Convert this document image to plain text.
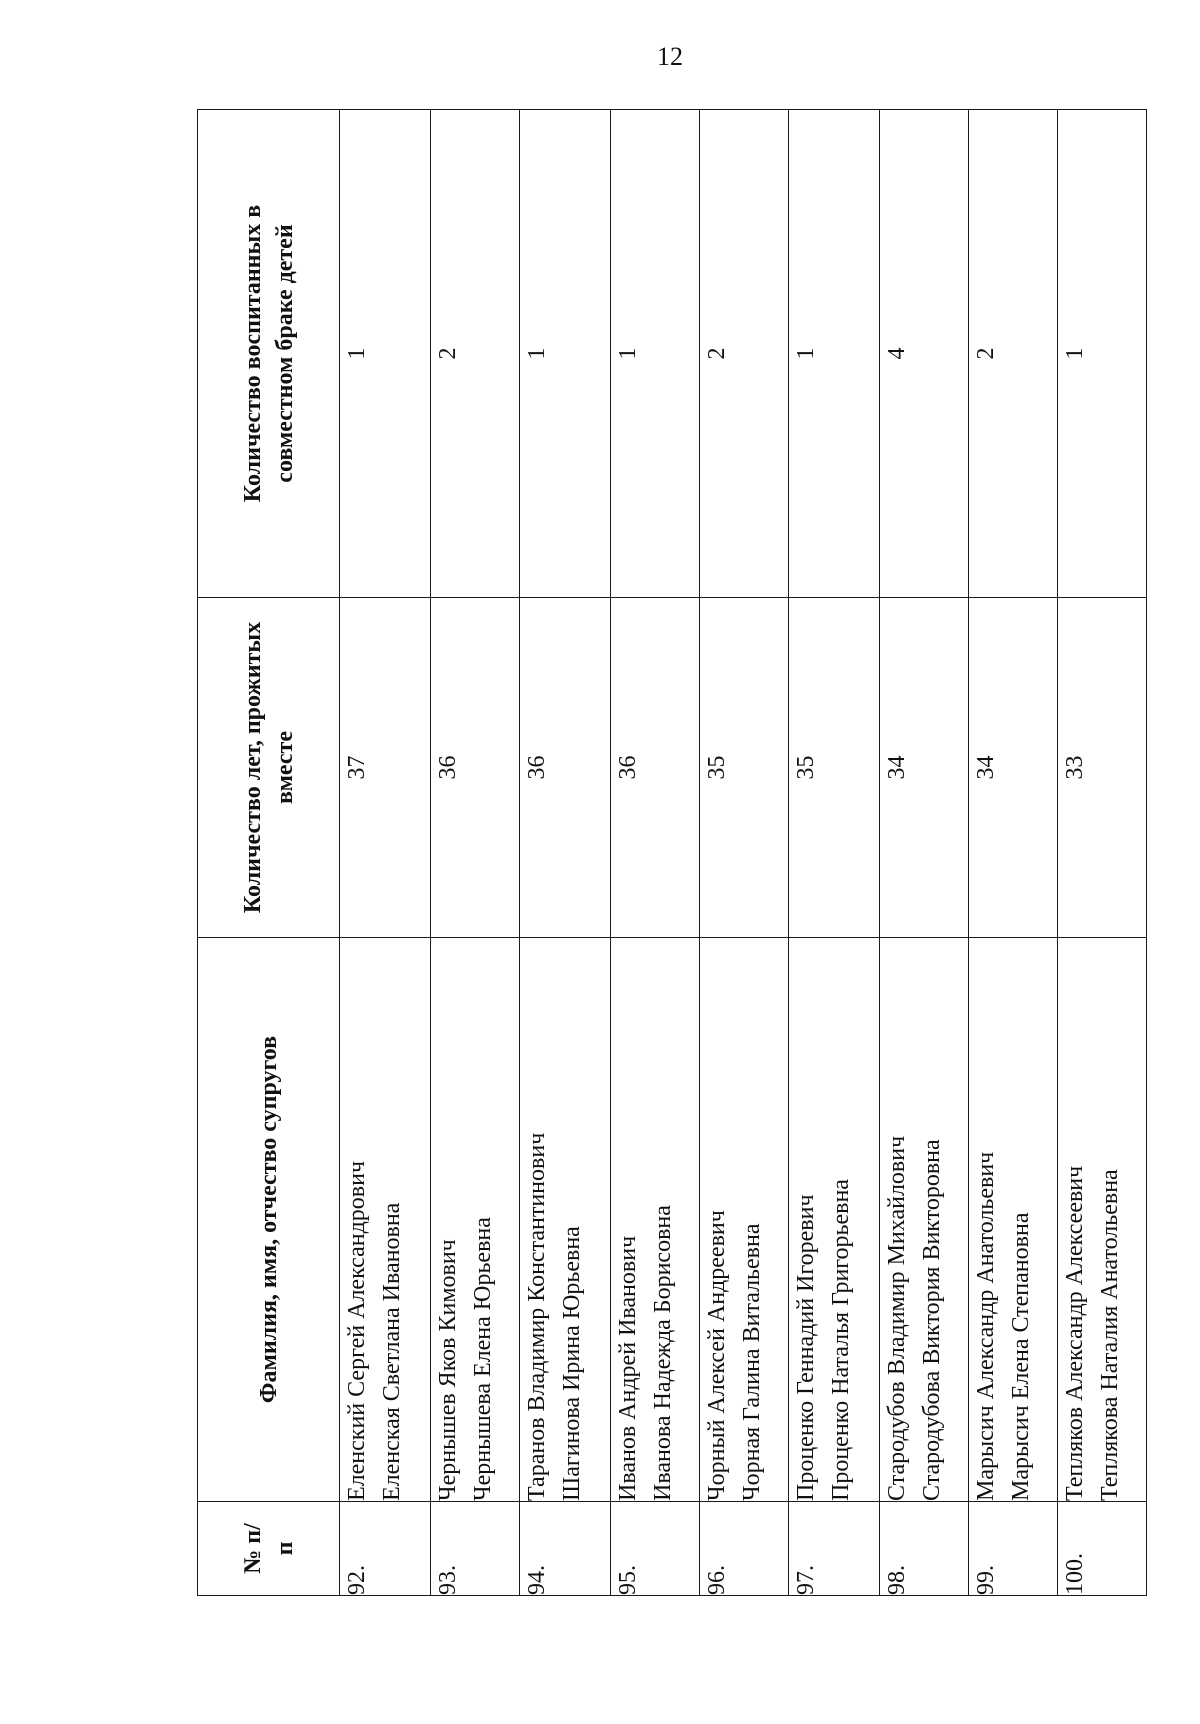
12
№ п/п	Фамилия, имя, отчество супругов	Количество лет, прожитых вместе	Количество воспитанных в совместном браке детей

92.	Еленский Сергей Александрович Еленская Светлана Ивановна	37	1
93.	Чернышев Яков Кимович Чернышева Елена Юрьевна	36	2
94.	Таранов Владимир Константинович Шагинова Ирина Юрьевна	36	1
95.	Иванов Андрей Иванович Иванова Надежда Борисовна	36	1
96.	Чорный Алексей Андреевич Чорная Галина Витальевна	35	2
97.	Проценко Геннадий Игоревич Проценко Наталья Григорьевна	35	1
98.	Стародубов Владимир Михайлович Стародубова Виктория Викторовна	34	4
99.	Марысич Александр Анатольевич Марысич Елена Степановна	34	2
100.	Тепляков Александр Алексеевич Теплякова Наталия Анатольевна	33	1
